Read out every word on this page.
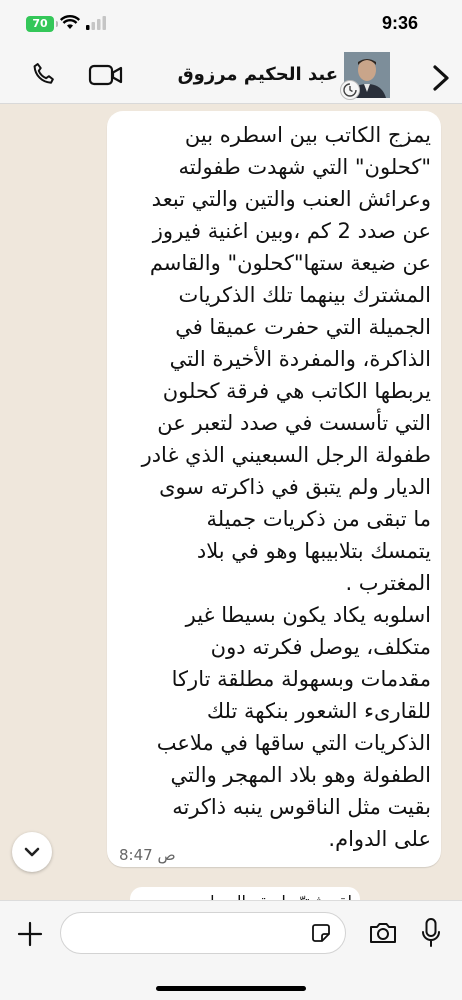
70	9:36
عبد الحكيم مرزوق
يمزج الكاتب بين اسطره بين
"كحلون" التي شهدت طفولته
وعرائش العنب والتين والتي تبعد
عن صدد 2 كم ،وبين اغنية فيروز
عن ضيعة ستها"كحلون" والقاسم
المشترك بينهما تلك الذكريات
الجميلة التي حفرت عميقا في
الذاكرة، والمفردة الأخيرة التي
يربطها الكاتب هي فرقة كحلون
التي تأسست في صدد لتعبر عن
طفولة الرجل السبعيني الذي غادر
الديار ولم يتبق في ذاكرته سوى
ما تبقى من ذكريات جميلة
يتمسك بتلابيبها وهو في بلاد
المغترب .
اسلوبه يكاد يكون بسيطا غير
متكلف، يوصل فكرته دون
مقدمات وبسهولة مطلقة تاركا
للقارىء الشعور بنكهة تلك
الذكريات التي ساقها في ملاعب
الطفولة وهو بلاد المهجر والتي
بقيت مثل الناقوس ينبه ذاكرته
على الدوام.
8:47 ص
